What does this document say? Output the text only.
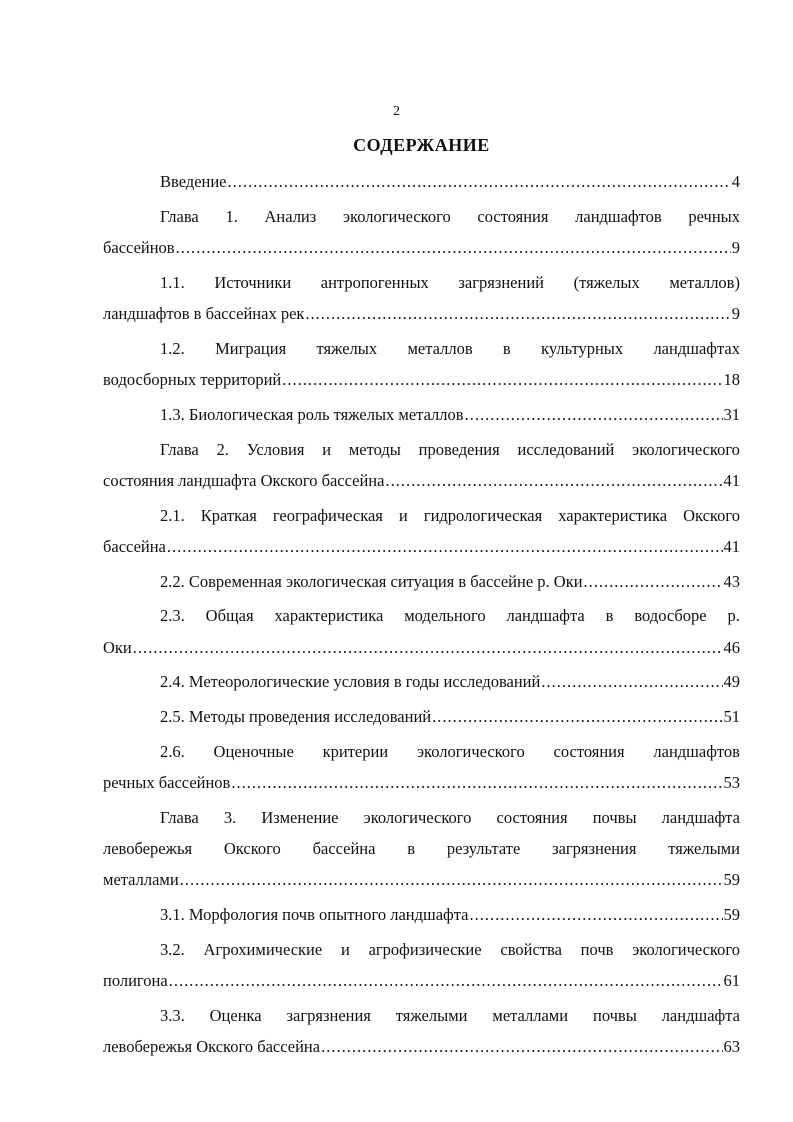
2
СОДЕРЖАНИЕ
Введение .....	4
Глава 1. Анализ экологического состояния ландшафтов речных
бассейнов .....	9
1.1. Источники антропогенных загрязнений (тяжелых металлов)
ландшафтов в бассейнах рек .....	9
1.2. Миграция тяжелых металлов в культурных ландшафтах
водосборных территорий .....	18
1.3. Биологическая роль тяжелых металлов .....	31
Глава 2. Условия и методы проведения исследований экологического
состояния ландшафта Окского бассейна .....	41
2.1. Краткая географическая и гидрологическая характеристика Окского
бассейна .....	41
2.2. Современная экологическая ситуация в бассейне р. Оки .....	43
2.3. Общая характеристика модельного ландшафта в водосборе р.
Оки .....	46
2.4. Метеорологические условия в годы исследований .....	49
2.5. Методы проведения исследований .....	51
2.6. Оценочные критерии экологического состояния ландшафтов
речных бассейнов .....	53
Глава 3. Изменение экологического состояния почвы ландшафта
левобережья Окского бассейна в результате загрязнения тяжелыми
металлами .....	59
3.1. Морфология почв опытного ландшафта .....	59
3.2. Агрохимические и агрофизические свойства почв экологического
полигона .....	61
3.3. Оценка загрязнения тяжелыми металлами почвы ландшафта
левобережья Окского бассейна .....	63
